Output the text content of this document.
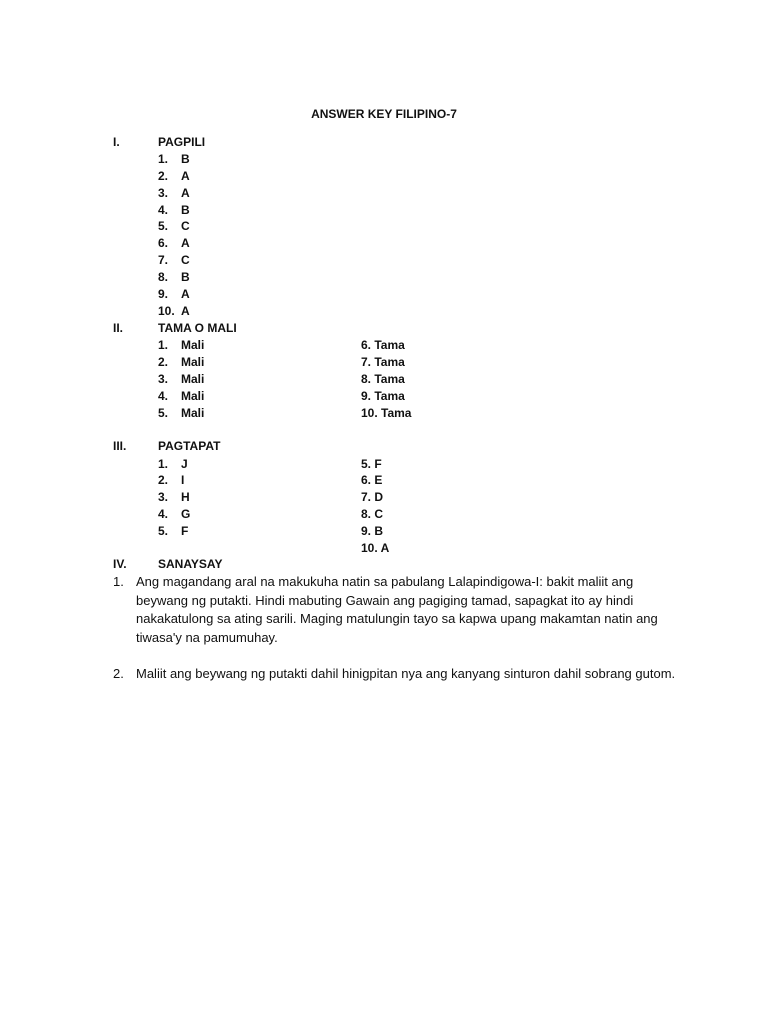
ANSWER KEY FILIPINO-7
I.	PAGPILI
1. B
2. A
3. A
4. B
5. C
6. A
7. C
8. B
9. A
10. A
II.	TAMA O MALI
1. Mali	6. Tama
2. Mali	7. Tama
3. Mali	8. Tama
4. Mali	9. Tama
5. Mali	10. Tama
III.	PAGTAPAT
1. J	5. F
2. I	6. E
3. H	7. D
4. G	8. C
5. F	9. B
10. A
IV.	SANAYSAY
1. Ang magandang aral na makukuha natin sa pabulang Lalapindigowa-I: bakit maliit ang beywang ng putakti. Hindi mabuting Gawain ang pagiging tamad, sapagkat ito ay hindi nakakatulong sa ating sarili. Maging matulungin tayo sa kapwa upang makamtan natin ang tiwasa'y na pamumuhay.
2. Maliit ang beywang ng putakti dahil hinigpitan nya ang kanyang sinturon dahil sobrang gutom.
